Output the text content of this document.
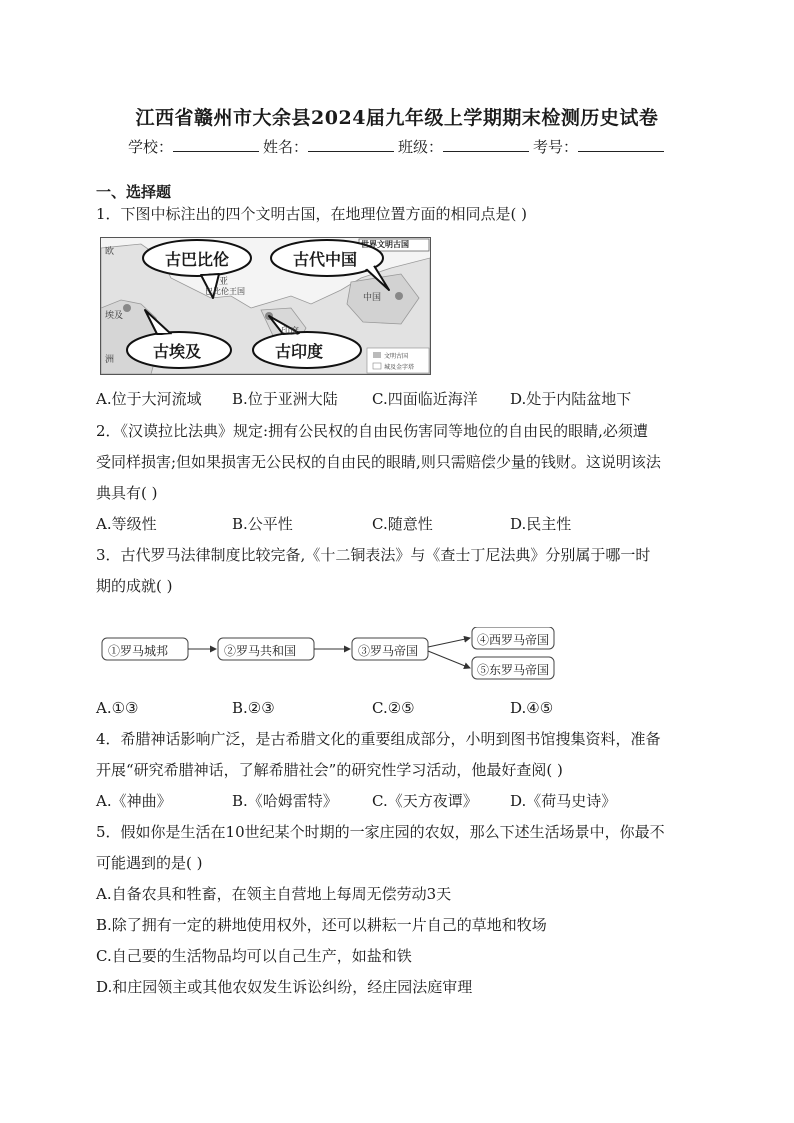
江西省赣州市大余县2024届九年级上学期期末检测历史试卷
学校：	姓名：	班级：	考号：
一、选择题
1．下图中标注出的四个文明古国，在地理位置方面的相同点是( )
世界文明古国
古巴比伦	古代中国
古埃及	古印度
巴比伦王国
中国
印度
埃及
亚
洲
欧
文明古国
城及金字塔
A.位于大河流域 B.位于亚洲大陆 C.四面临近海洋 D.处于内陆盆地下
2．《汉谟拉比法典》规定:拥有公民权的自由民伤害同等地位的自由民的眼睛,必须遭
受同样损害;但如果损害无公民权的自由民的眼睛,则只需赔偿少量的钱财。这说明该法
典具有( )
A.等级性	B.公平性	C.随意性	D.民主性
3．古代罗马法律制度比较完备,《十二铜表法》与《查士丁尼法典》分别属于哪一时
期的成就( )
①罗马城邦	②罗马共和国	③罗马帝国
④西罗马帝国
⑤东罗马帝国
A.①③	B.②③	C.②⑤	D.④⑤
4．希腊神话影响广泛，是古希腊文化的重要组成部分，小明到图书馆搜集资料，准备
开展“研究希腊神话，了解希腊社会”的研究性学习活动，他最好查阅( )
A.《神曲》	B.《哈姆雷特》 C.《天方夜谭》 D.《荷马史诗》
5．假如你是生活在10世纪某个时期的一家庄园的农奴，那么下述生活场景中，你最不
可能遇到的是( )
A.自备农具和牲畜，在领主自营地上每周无偿劳动3天
B.除了拥有一定的耕地使用权外，还可以耕耘一片自己的草地和牧场
C.自己要的生活物品均可以自己生产，如盐和铁
D.和庄园领主或其他农奴发生诉讼纠纷，经庄园法庭审理
